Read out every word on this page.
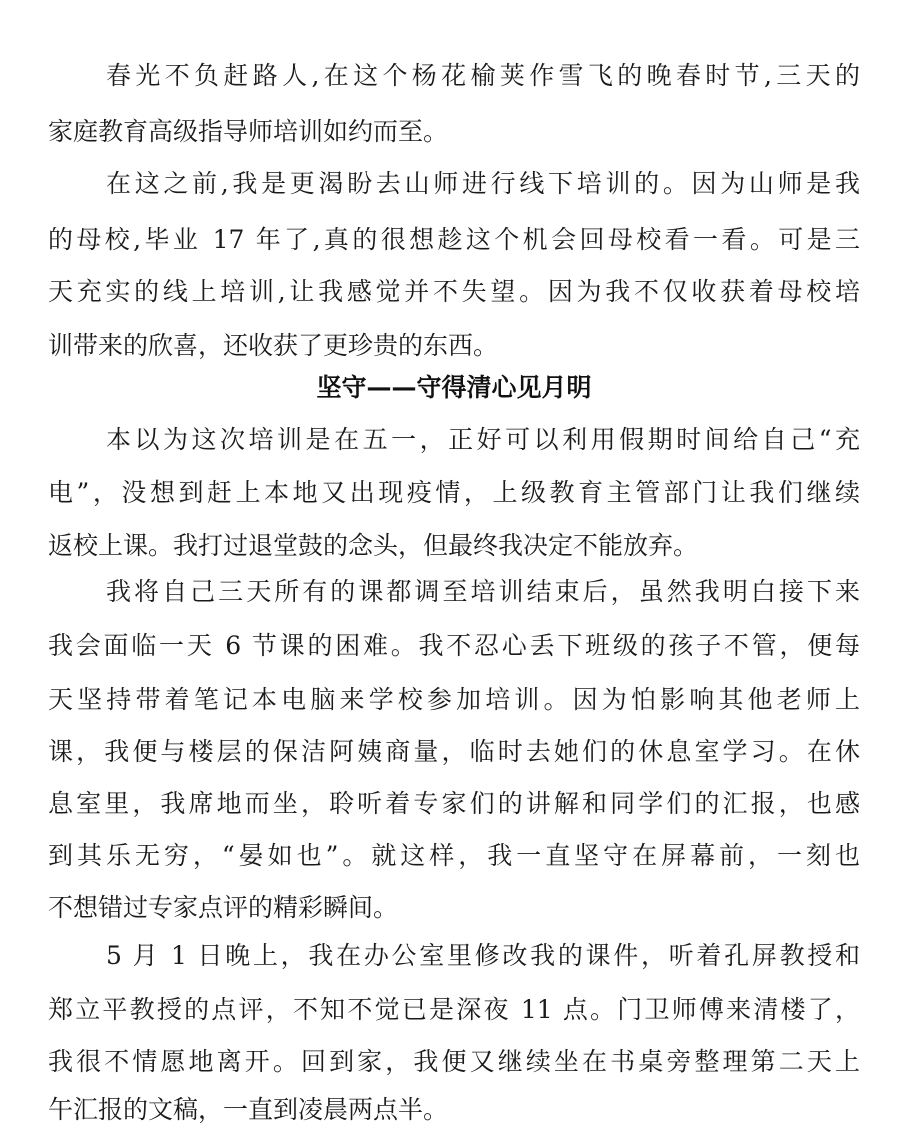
春光不负赶路人,在这个杨花榆荚作雪飞的晚春时节,三天的
家庭教育高级指导师培训如约而至。
在这之前,我是更渴盼去山师进行线下培训的。因为山师是我
的母校,毕业 17 年了,真的很想趁这个机会回母校看一看。可是三
天充实的线上培训,让我感觉并不失望。因为我不仅收获着母校培
训带来的欣喜，还收获了更珍贵的东西。
坚守——守得清心见月明
本以为这次培训是在五一，正好可以利用假期时间给自己“充
电”，没想到赶上本地又出现疫情，上级教育主管部门让我们继续
返校上课。我打过退堂鼓的念头，但最终我决定不能放弃。
我将自己三天所有的课都调至培训结束后，虽然我明白接下来
我会面临一天 6 节课的困难。我不忍心丢下班级的孩子不管，便每
天坚持带着笔记本电脑来学校参加培训。因为怕影响其他老师上
课，我便与楼层的保洁阿姨商量，临时去她们的休息室学习。在休
息室里，我席地而坐，聆听着专家们的讲解和同学们的汇报，也感
到其乐无穷，“晏如也”。就这样，我一直坚守在屏幕前，一刻也
不想错过专家点评的精彩瞬间。
5 月 1 日晚上，我在办公室里修改我的课件，听着孔屏教授和
郑立平教授的点评，不知不觉已是深夜 11 点。门卫师傅来清楼了，
我很不情愿地离开。回到家，我便又继续坐在书桌旁整理第二天上
午汇报的文稿，一直到凌晨两点半。
